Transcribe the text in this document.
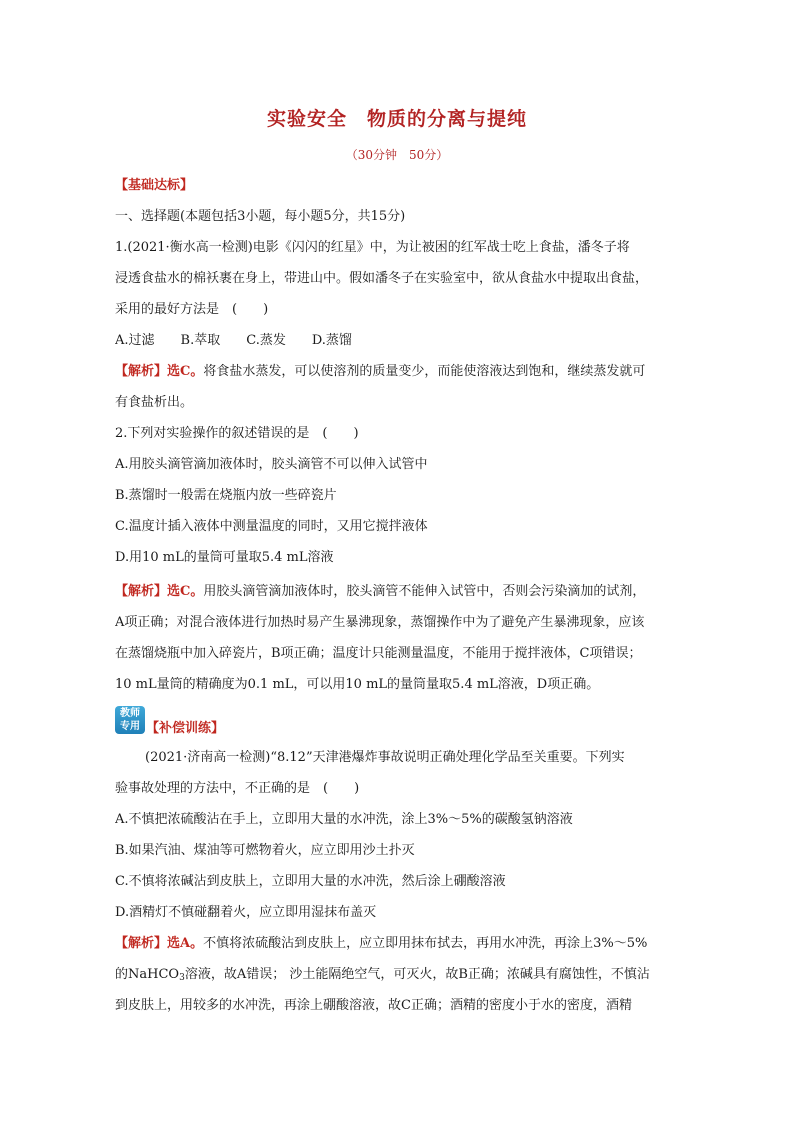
实验安全　物质的分离与提纯
（30分钟　50分）
【基础达标】
一、选择题(本题包括3小题，每小题5分，共15分)
1.(2021·衡水高一检测)电影《闪闪的红星》中，为让被困的红军战士吃上食盐，潘冬子将
浸透食盐水的棉袄裹在身上，带进山中。假如潘冬子在实验室中，欲从食盐水中提取出食盐，
采用的最好方法是　(　　)
A.过滤　　B.萃取　　C.蒸发　　D.蒸馏
【解析】选C。将食盐水蒸发，可以使溶剂的质量变少，而能使溶液达到饱和，继续蒸发就可
有食盐析出。
2.下列对实验操作的叙述错误的是　(　　)
A.用胶头滴管滴加液体时，胶头滴管不可以伸入试管中
B.蒸馏时一般需在烧瓶内放一些碎瓷片
C.温度计插入液体中测量温度的同时，又用它搅拌液体
D.用10 mL的量筒可量取5.4 mL溶液
【解析】选C。用胶头滴管滴加液体时，胶头滴管不能伸入试管中，否则会污染滴加的试剂，
A项正确；对混合液体进行加热时易产生暴沸现象，蒸馏操作中为了避免产生暴沸现象，应该
在蒸馏烧瓶中加入碎瓷片，B项正确；温度计只能测量温度，不能用于搅拌液体，C项错误；
10 mL量筒的精确度为0.1 mL，可以用10 mL的量筒量取5.4 mL溶液，D项正确。
教师
专用 【补偿训练】
(2021·济南高一检测)“8.12”天津港爆炸事故说明正确处理化学品至关重要。下列实
验事故处理的方法中，不正确的是　(　　)
A.不慎把浓硫酸沾在手上，立即用大量的水冲洗，涂上3%～5%的碳酸氢钠溶液
B.如果汽油、煤油等可燃物着火，应立即用沙土扑灭
C.不慎将浓碱沾到皮肤上，立即用大量的水冲洗，然后涂上硼酸溶液
D.酒精灯不慎碰翻着火，应立即用湿抹布盖灭
【解析】选A。不慎将浓硫酸沾到皮肤上，应立即用抹布拭去，再用水冲洗，再涂上3%～5%
的NaHCO$_3$溶液，故A错误； 沙土能隔绝空气，可灭火，故B正确；浓碱具有腐蚀性，不慎沾
到皮肤上，用较多的水冲洗，再涂上硼酸溶液，故C正确；酒精的密度小于水的密度，酒精
